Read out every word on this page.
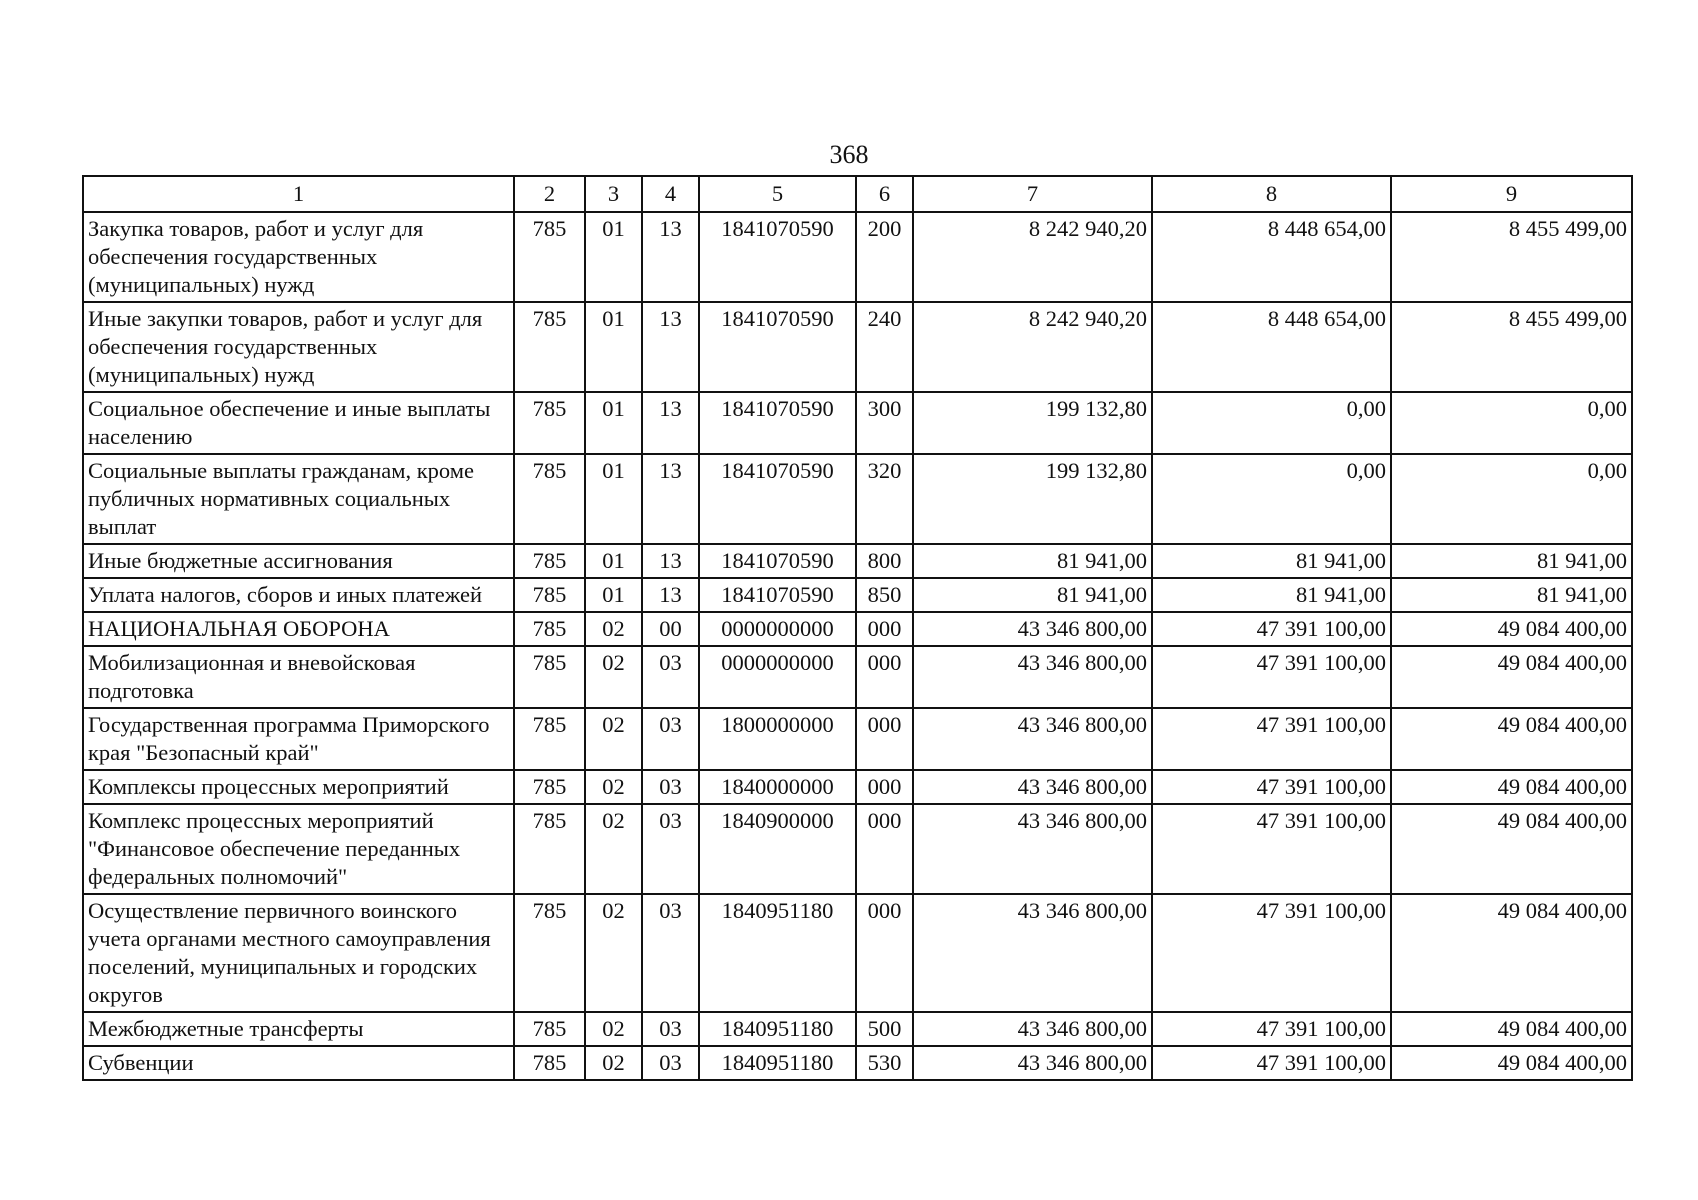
368
1	2	3	4	5	6	7	8	9
Закупка товаров, работ и услуг для обеспечения государственных (муниципальных) нужд	785	01	13	1841070590	200	8 242 940,20	8 448 654,00	8 455 499,00
Иные закупки товаров, работ и услуг для обеспечения государственных (муниципальных) нужд	785	01	13	1841070590	240	8 242 940,20	8 448 654,00	8 455 499,00
Социальное обеспечение и иные выплаты населению	785	01	13	1841070590	300	199 132,80	0,00	0,00
Социальные выплаты гражданам, кроме публичных нормативных социальных выплат	785	01	13	1841070590	320	199 132,80	0,00	0,00
Иные бюджетные ассигнования	785	01	13	1841070590	800	81 941,00	81 941,00	81 941,00
Уплата налогов, сборов и иных платежей	785	01	13	1841070590	850	81 941,00	81 941,00	81 941,00
НАЦИОНАЛЬНАЯ ОБОРОНА	785	02	00	0000000000	000	43 346 800,00	47 391 100,00	49 084 400,00
Мобилизационная и вневойсковая подготовка	785	02	03	0000000000	000	43 346 800,00	47 391 100,00	49 084 400,00
Государственная программа Приморского края "Безопасный край"	785	02	03	1800000000	000	43 346 800,00	47 391 100,00	49 084 400,00
Комплексы процессных мероприятий	785	02	03	1840000000	000	43 346 800,00	47 391 100,00	49 084 400,00
Комплекс процессных мероприятий "Финансовое обеспечение переданных федеральных полномочий"	785	02	03	1840900000	000	43 346 800,00	47 391 100,00	49 084 400,00
Осуществление первичного воинского учета органами местного самоуправления поселений, муниципальных и городских округов	785	02	03	1840951180	000	43 346 800,00	47 391 100,00	49 084 400,00
Межбюджетные трансферты	785	02	03	1840951180	500	43 346 800,00	47 391 100,00	49 084 400,00
Субвенции	785	02	03	1840951180	530	43 346 800,00	47 391 100,00	49 084 400,00
